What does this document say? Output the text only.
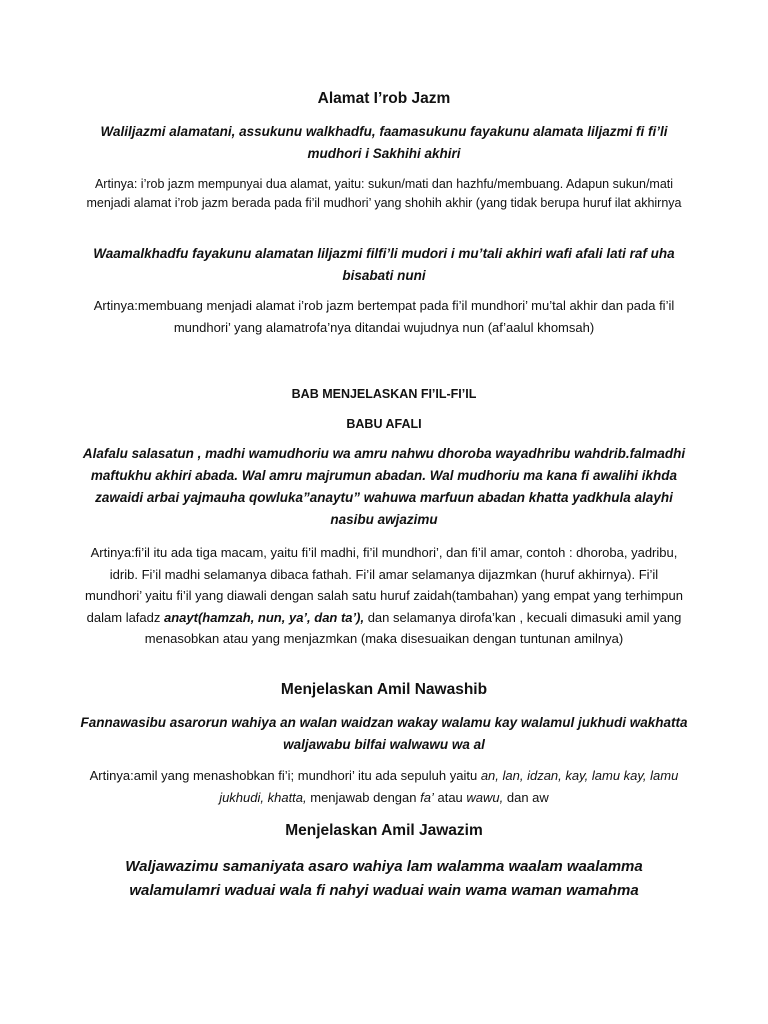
Alamat I’rob Jazm

Waliljazmi alamatani, assukunu walkhadfu, faamasukunu fayakunu alamata liljazmi fi fi’li mudhori i Sakhihi akhiri

Artinya: i’rob jazm mempunyai dua alamat, yaitu: sukun/mati dan hazhfu/membuang. Adapun sukun/mati menjadi alamat i’rob jazm berada pada fi’il mudhori’ yang shohih akhir (yang tidak berupa huruf ilat akhirnya

Waamalkhadfu fayakunu alamatan liljazmi filfi’li mudori i mu’tali akhiri wafi afali lati raf uha bisabati nuni

Artinya:membuang menjadi alamat i’rob jazm bertempat pada fi’il mundhori’ mu’tal akhir dan pada fi’il mundhori’ yang alamatrofa’nya ditandai wujudnya nun (af’aalul khomsah)

BAB MENJELASKAN FI’IL-FI’IL
BABU AFALI

Alafalu salasatun , madhi wamudhoriu wa amru nahwu dhoroba wayadhribu wahdrib.falmadhi maftukhu akhiri abada. Wal amru majrumun abadan. Wal mudhoriu ma kana fi awalihi ikhda zawaidi arbai yajmauha qowluka”anaytu” wahuwa marfuun abadan khatta yadkhula alayhi nasibu awjazimu

Artinya:fi’il itu ada tiga macam, yaitu fi’il madhi, fi’il mundhori’, dan fi’il amar, contoh : dhoroba, yadribu, idrib. Fi’il madhi selamanya dibaca fathah. Fi’il amar selamanya dijazmkan (huruf akhirnya). Fi’il mundhori’ yaitu fi’il yang diawali dengan salah satu huruf zaidah(tambahan) yang empat yang terhimpun dalam lafadz anayt(hamzah, nun, ya’, dan ta’), dan selamanya dirofa’kan , kecuali dimasuki amil yang menasobkan atau yang menjazmkan (maka disesuaikan dengan tuntunan amilnya)

Menjelaskan Amil Nawashib

Fannawasibu asarorun wahiya an walan waidzan wakay walamu kay walamul jukhudi wakhatta waljawabu bilfai walwawu wa al

Artinya:amil yang menashobkan fi’i; mundhori’ itu ada sepuluh yaitu an, lan, idzan, kay, lamu kay, lamu jukhudi, khatta, menjawab dengan fa’ atau wawu, dan aw

Menjelaskan Amil Jawazim

Waljawazimu samaniyata asaro wahiya lam walamma waalam waalamma walamulamri waduai wala fi nahyi waduai wain wama waman wamahma
